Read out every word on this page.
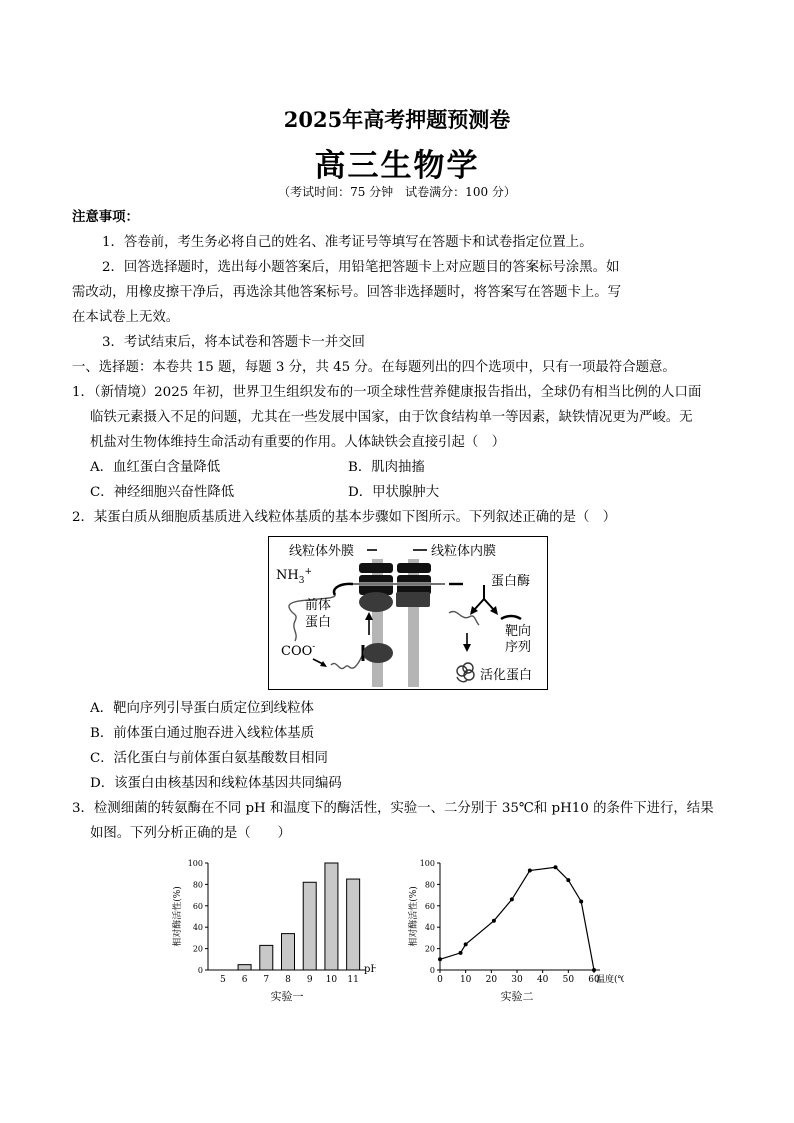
2025年高考押题预测卷
高三生物学
（考试时间：75 分钟　试卷满分：100 分）
注意事项：
1．答卷前，考生务必将自己的姓名、准考证号等填写在答题卡和试卷指定位置上。
2．回答选择题时，选出每小题答案后，用铅笔把答题卡上对应题目的答案标号涂黑。如
需改动，用橡皮擦干净后，再选涂其他答案标号。回答非选择题时，将答案写在答题卡上。写
在本试卷上无效。
3．考试结束后，将本试卷和答题卡一并交回
一、选择题：本卷共 15 题，每题 3 分，共 45 分。在每题列出的四个选项中，只有一项最符合题意。
1．（新情境）2025 年初，世界卫生组织发布的一项全球性营养健康报告指出，全球仍有相当比例的人口面
临铁元素摄入不足的问题，尤其在一些发展中国家，由于饮食结构单一等因素，缺铁情况更为严峻。无
机盐对生物体维持生命活动有重要的作用。人体缺铁会直接引起（　）
A．血红蛋白含量降低	B．肌肉抽搐
C．神经细胞兴奋性降低	D．甲状腺肿大
2．某蛋白质从细胞质基质进入线粒体基质的基本步骤如下图所示。下列叙述正确的是（　）
线粒体外膜	线粒体内膜
$NH_3^+$
前体
蛋白
COO-
蛋白酶
靶向
序列
活化蛋白
A．靶向序列引导蛋白质定位到线粒体
B．前体蛋白通过胞吞进入线粒体基质
C．活化蛋白与前体蛋白氨基酸数目相同
D．该蛋白由核基因和线粒体基因共同编码
3．检测细菌的转氨酶在不同 pH 和温度下的酶活性，实验一、二分别于 35℃和 pH10 的条件下进行，结果
如图。下列分析正确的是（　　）
0
20
40
60
80
100
5 6 7 8 9 10 11
pH
相对酶活性(%)
实验一
0
20
40
60
80
100
0 10 20 30 40 50 60
温度(℃
相对酶活性(%)
实验二
